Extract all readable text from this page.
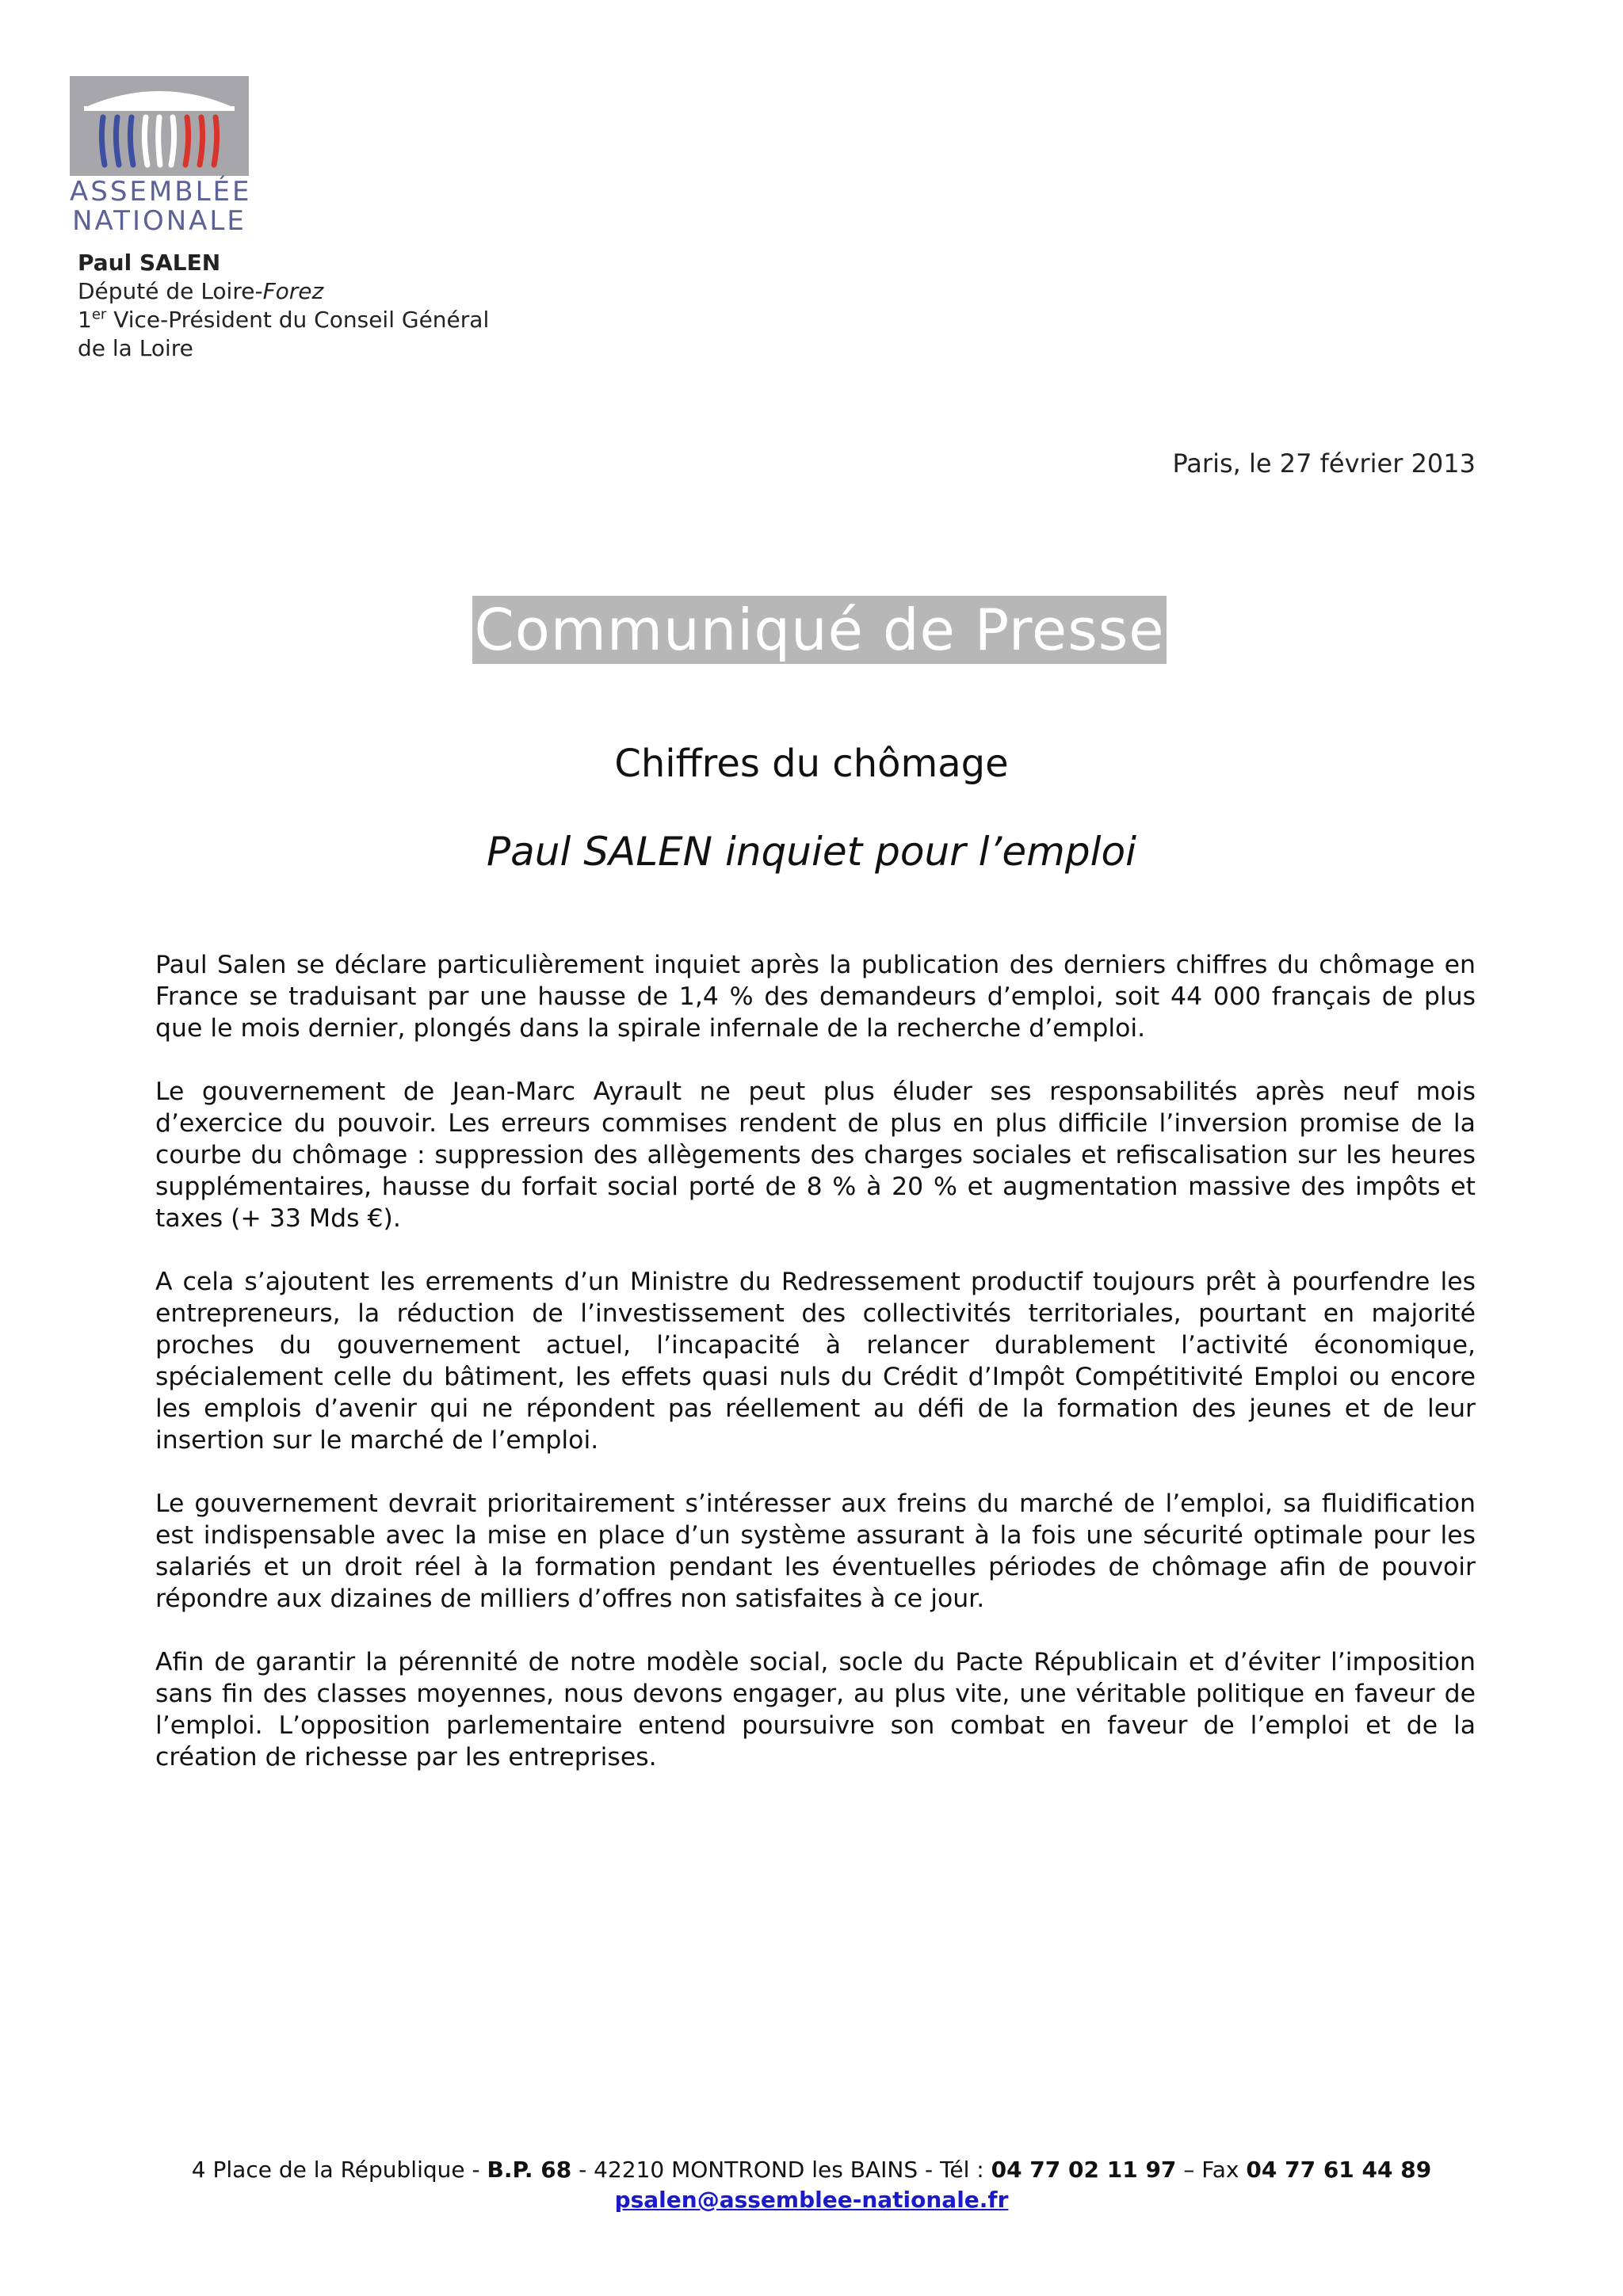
ASSEMBLÉE
NATIONALE
Paul SALEN
Député de Loire-Forez
1er Vice-Président du Conseil Général
de la Loire
Paris, le 27 février 2013
Communiqué de Presse
Chiffres du chômage
Paul SALEN inquiet pour l’emploi

Paul Salen se déclare particulièrement inquiet après la publication des derniers chiffres du chômage en France se traduisant par une hausse de 1,4 % des demandeurs d’emploi, soit 44 000 français de plus que le mois dernier, plongés dans la spirale infernale de la recherche d’emploi.

Le gouvernement de Jean-Marc Ayrault ne peut plus éluder ses responsabilités après neuf mois d’exercice du pouvoir. Les erreurs commises rendent de plus en plus difficile l’inversion promise de la courbe du chômage : suppression des allègements des charges sociales et refiscalisation sur les heures supplémentaires, hausse du forfait social porté de 8 % à 20 % et augmentation massive des impôts et taxes (+ 33 Mds €).

A cela s’ajoutent les errements d’un Ministre du Redressement productif toujours prêt à pourfendre les entrepreneurs, la réduction de l’investissement des collectivités territoriales, pourtant en majorité proches du gouvernement actuel, l’incapacité à relancer durablement l’activité économique, spécialement celle du bâtiment, les effets quasi nuls du Crédit d’Impôt Compétitivité Emploi ou encore les emplois d’avenir qui ne répondent pas réellement au défi de la formation des jeunes et de leur insertion sur le marché de l’emploi.

Le gouvernement devrait prioritairement s’intéresser aux freins du marché de l’emploi, sa fluidification est indispensable avec la mise en place d’un système assurant à la fois une sécurité optimale pour les salariés et un droit réel à la formation pendant les éventuelles périodes de chômage afin de pouvoir répondre aux dizaines de milliers d’offres non satisfaites à ce jour.

Afin de garantir la pérennité de notre modèle social, socle du Pacte Républicain et d’éviter l’imposition sans fin des classes moyennes, nous devons engager, au plus vite, une véritable politique en faveur de l’emploi. L’opposition parlementaire entend poursuivre son combat en faveur de l’emploi et de la création de richesse par les entreprises.

4 Place de la République - B.P. 68 - 42210 MONTROND les BAINS - Tél : 04 77 02 11 97 – Fax 04 77 61 44 89
psalen@assemblee-nationale.fr
